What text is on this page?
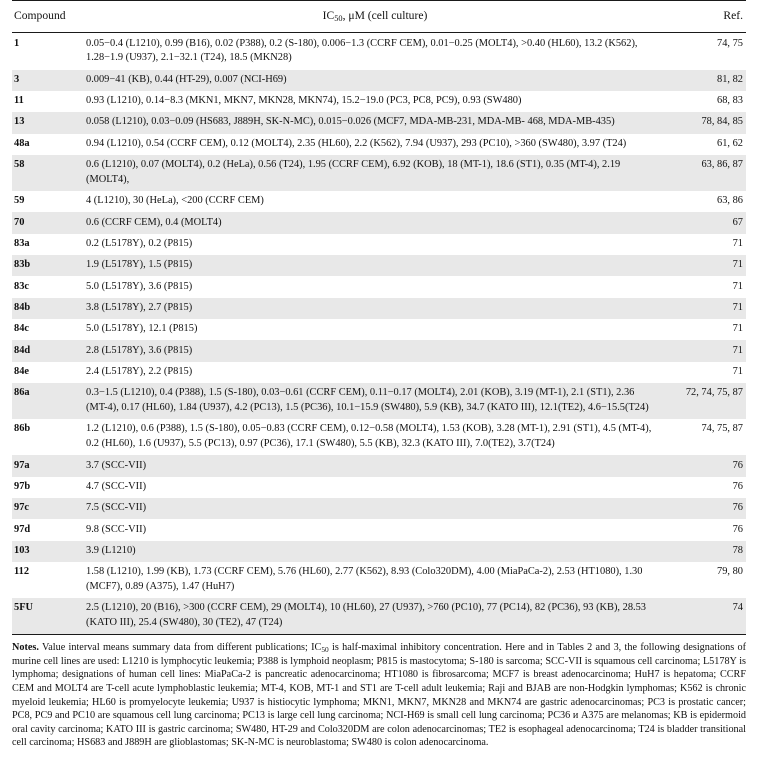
Compound	$IC_{50}$, μM (cell culture)	Ref.
1	0.05−0.4 (L1210), 0.99 (B16), 0.02 (P388), 0.2 (S-180), 0.006−1.3 (CCRF CEM), 0.01−0.25 (MOLT4), >0.40 (HL60), 13.2 (K562), 1.28−1.9 (U937), 2.1−32.1 (T24), 18.5 (MKN28)	74, 75
3	0.009−41 (KB), 0.44 (HT-29), 0.007 (NCI-H69)	81, 82
11	0.93 (L1210), 0.14−8.3 (MKN1, MKN7, MKN28, MKN74), 15.2−19.0 (PC3, PC8, PC9), 0.93 (SW480)	68, 83
13	0.058 (L1210), 0.03−0.09 (HS683, J889H, SK-N-MC), 0.015−0.026 (MCF7, MDA-MB-231, MDA-MB- 468, MDA-MB-435)	78, 84, 85
48a	0.94 (L1210), 0.54 (CCRF CEM), 0.12 (MOLT4), 2.35 (HL60), 2.2 (K562), 7.94 (U937), 293 (PC10), >360 (SW480), 3.97 (T24)	61, 62
58	0.6 (L1210), 0.07 (MOLT4), 0.2 (HeLa), 0.56 (T24), 1.95 (CCRF CEM), 6.92 (KOB), 18 (MT-1), 18.6 (ST1), 0.35 (MT-4), 2.19 (MOLT4),	63, 86, 87
59	4 (L1210), 30 (HeLa), <200 (CCRF CEM)	63, 86
70	0.6 (CCRF CEM), 0.4 (MOLT4)	67
83a	0.2 (L5178Y), 0.2 (P815)	71
83b	1.9 (L5178Y), 1.5 (P815)	71
83c	5.0 (L5178Y), 3.6 (P815)	71
84b	3.8 (L5178Y), 2.7 (P815)	71
84c	5.0 (L5178Y), 12.1 (P815)	71
84d	2.8 (L5178Y), 3.6 (P815)	71
84e	2.4 (L5178Y), 2.2 (P815)	71
86a	0.3−1.5 (L1210), 0.4 (P388), 1.5 (S-180), 0.03−0.61 (CCRF CEM), 0.11−0.17 (MOLT4), 2.01 (KOB), 3.19 (MT-1), 2.1 (ST1), 2.36 (MT-4), 0.17 (HL60), 1.84 (U937), 4.2 (PC13), 1.5 (PC36), 10.1−15.9 (SW480), 5.9 (KB), 34.7 (KATO III), 12.1(TE2), 4.6−15.5(T24)	72, 74, 75, 87
86b	1.2 (L1210), 0.6 (P388), 1.5 (S-180), 0.05−0.83 (CCRF CEM), 0.12−0.58 (MOLT4), 1.53 (KOB), 3.28 (MT-1), 2.91 (ST1), 4.5 (MT-4), 0.2 (HL60), 1.6 (U937), 5.5 (PC13), 0.97 (PC36), 17.1 (SW480), 5.5 (KB), 32.3 (KATO III), 7.0(TE2), 3.7(T24)	74, 75, 87
97a	3.7 (SCC-VII)	76
97b	4.7 (SCC-VII)	76
97c	7.5 (SCC-VII)	76
97d	9.8 (SCC-VII)	76
103	3.9 (L1210)	78
112	1.58 (L1210), 1.99 (KB), 1.73 (CCRF CEM), 5.76 (HL60), 2.77 (K562), 8.93 (Colo320DM), 4.00 (MiaPaCa-2), 2.53 (HT1080), 1.30 (MCF7), 0.89 (A375), 1.47 (HuH7)	79, 80
5FU	2.5 (L1210), 20 (B16), >300 (CCRF CEM), 29 (MOLT4), 10 (HL60), 27 (U937), >760 (PC10), 77 (PC14), 82 (PC36), 93 (KB), 28.53 (KATO III), 25.4 (SW480), 30 (TE2), 47 (T24)	74
Notes. Value interval means summary data from different publications; $IC_{50}$ is half-maximal inhibitory concentration. Here and in Tables 2 and 3, the following designations of murine cell lines are used: L1210 is lymphocytic leukemia; P388 is lymphoid neoplasm; P815 is mastocytoma; S-180 is sarcoma; SCC-VII is squamous cell carcinoma; L5178Y is lymphoma; designations of human cell lines: MiaPaCa-2 is pancreatic adenocarcinoma; HT1080 is fibrosarcoma; MCF7 is breast adenocarcinoma; HuH7 is hepatoma; CCRF CEM and MOLT4 are T-cell acute lymphoblastic leukemia; MT-4, KOB, MT-1 and ST1 are T-cell adult leukemia; Raji and BJAB are non-Hodgkin lymphomas; K562 is chronic myeloid leukemia; HL60 is promyelocyte leukemia; U937 is histiocytic lymphoma; MKN1, MKN7, MKN28 and MKN74 are gastric adenocarcinomas; PC3 is prostatic cancer; PC8, PC9 and PC10 are squamous cell lung carcinoma; PC13 is large cell lung carcinoma; NCI-H69 is small cell lung carcinoma; PC36 и A375 are melanomas; KB is epidermoid oral cavity carcinoma; KATO III is gastric carcinoma; SW480, HT-29 and Colo320DM are colon adenocarcinomas; TE2 is esophageal adenocarcinoma; T24 is bladder transitional cell carcinoma; HS683 and J889H are glioblastomas; SK-N-MC is neuroblastoma; SW480 is colon adenocarcinoma.
